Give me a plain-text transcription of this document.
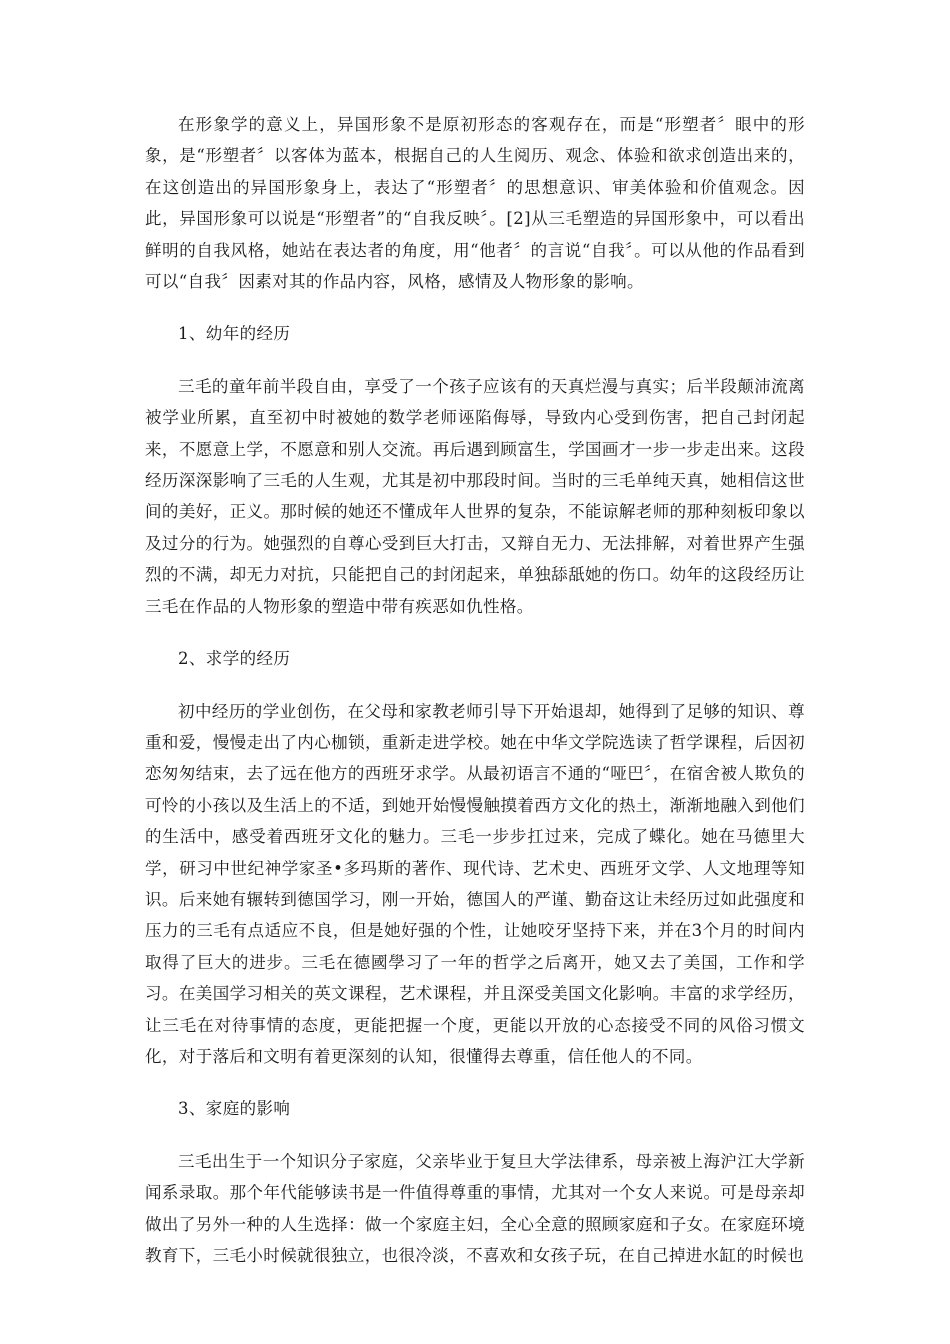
在形象学的意义上，异国形象不是原初形态的客观存在，而是“形塑者〞眼中的形象，是“形塑者〞以客体为蓝本，根据自己的人生阅历、观念、体验和欲求创造出来的，在这创造出的异国形象身上，表达了“形塑者〞的思想意识、审美体验和价值观念。因此，异国形象可以说是“形塑者”的“自我反映〞。[2]从三毛塑造的异国形象中，可以看出鲜明的自我风格，她站在表达者的角度，用“他者〞的言说“自我〞。可以从他的作品看到可以“自我〞因素对其的作品内容，风格，感情及人物形象的影响。

1、幼年的经历

三毛的童年前半段自由，享受了一个孩子应该有的天真烂漫与真实；后半段颠沛流离被学业所累，直至初中时被她的数学老师诬陷侮辱，导致内心受到伤害，把自己封闭起来，不愿意上学，不愿意和别人交流。再后遇到顾富生，学国画才一步一步走出来。这段经历深深影响了三毛的人生观，尤其是初中那段时间。当时的三毛单纯天真，她相信这世间的美好，正义。那时候的她还不懂成年人世界的复杂，不能谅解老师的那种刻板印象以及过分的行为。她强烈的自尊心受到巨大打击，又辩自无力、无法排解，对着世界产生强烈的不满，却无力对抗，只能把自己的封闭起来，单独舔舐她的伤口。幼年的这段经历让三毛在作品的人物形象的塑造中带有疾恶如仇性格。

2、求学的经历

初中经历的学业创伤，在父母和家教老师引导下开始退却，她得到了足够的知识、尊重和爱，慢慢走出了内心枷锁，重新走进学校。她在中华文学院选读了哲学课程，后因初恋匆匆结束，去了远在他方的西班牙求学。从最初语言不通的“哑巴〞，在宿舍被人欺负的可怜的小孩以及生活上的不适，到她开始慢慢触摸着西方文化的热土，渐渐地融入到他们的生活中，感受着西班牙文化的魅力。三毛一步步扛过来，完成了蝶化。她在马德里大学，研习中世纪神学家圣•多玛斯的著作、现代诗、艺术史、西班牙文学、人文地理等知识。后来她有辗转到德国学习，刚一开始，德国人的严谨、勤奋这让未经历过如此强度和压力的三毛有点适应不良，但是她好强的个性，让她咬牙坚持下来，并在3个月的时间内取得了巨大的进步。三毛在德國學习了一年的哲学之后离开，她又去了美国，工作和学习。在美国学习相关的英文课程，艺术课程，并且深受美国文化影响。丰富的求学经历，让三毛在对待事情的态度，更能把握一个度，更能以开放的心态接受不同的风俗习惯文化，对于落后和文明有着更深刻的认知，很懂得去尊重，信任他人的不同。

3、家庭的影响

三毛出生于一个知识分子家庭，父亲毕业于复旦大学法律系，母亲被上海沪江大学新闻系录取。那个年代能够读书是一件值得尊重的事情，尤其对一个女人来说。可是母亲却做出了另外一种的人生选择：做一个家庭主妇，全心全意的照顾家庭和子女。在家庭环境教育下，三毛小时候就很独立，也很冷淡，不喜欢和女孩子玩，在自己掉进水缸的时候也
